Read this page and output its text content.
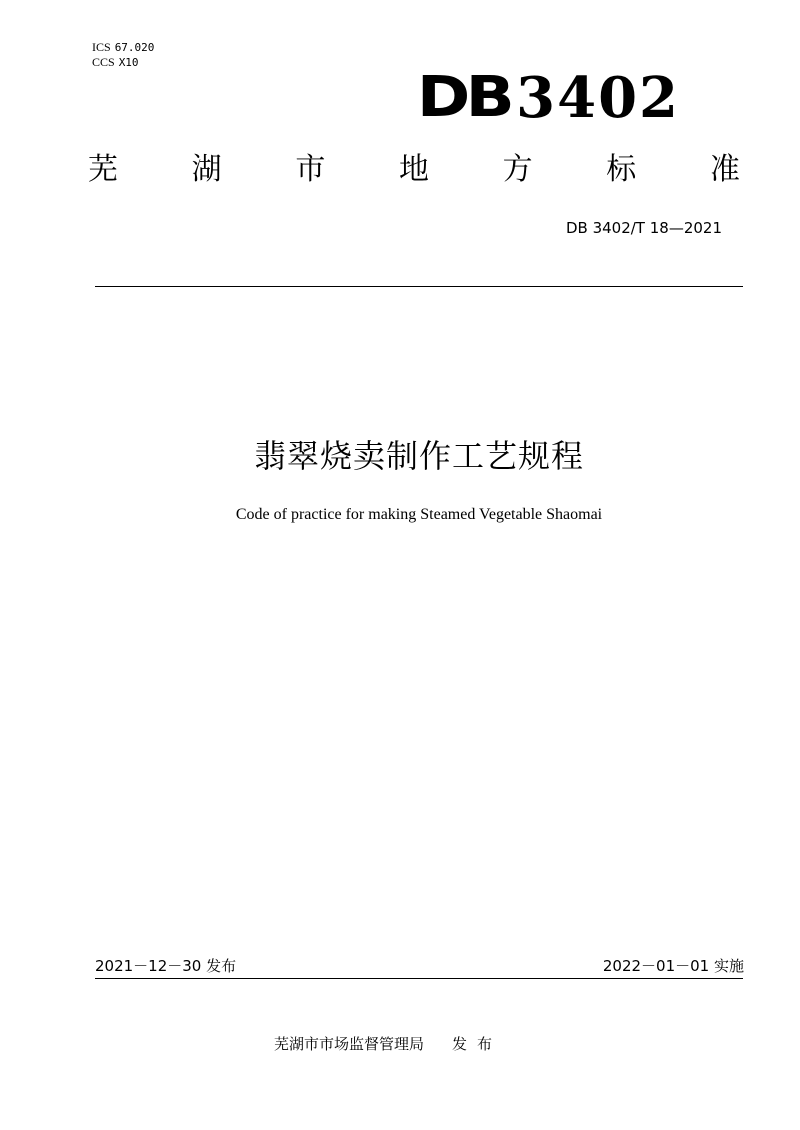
ICS 67.020
CCS X10
DB 3402
芜 湖 市 地 方 标 准
DB 3402/T 18—2021
翡翠烧卖制作工艺规程
Code of practice for making Steamed Vegetable Shaomai
2021－12－30 发布	2022－01－01 实施
芜湖市市场监督管理局 发布
